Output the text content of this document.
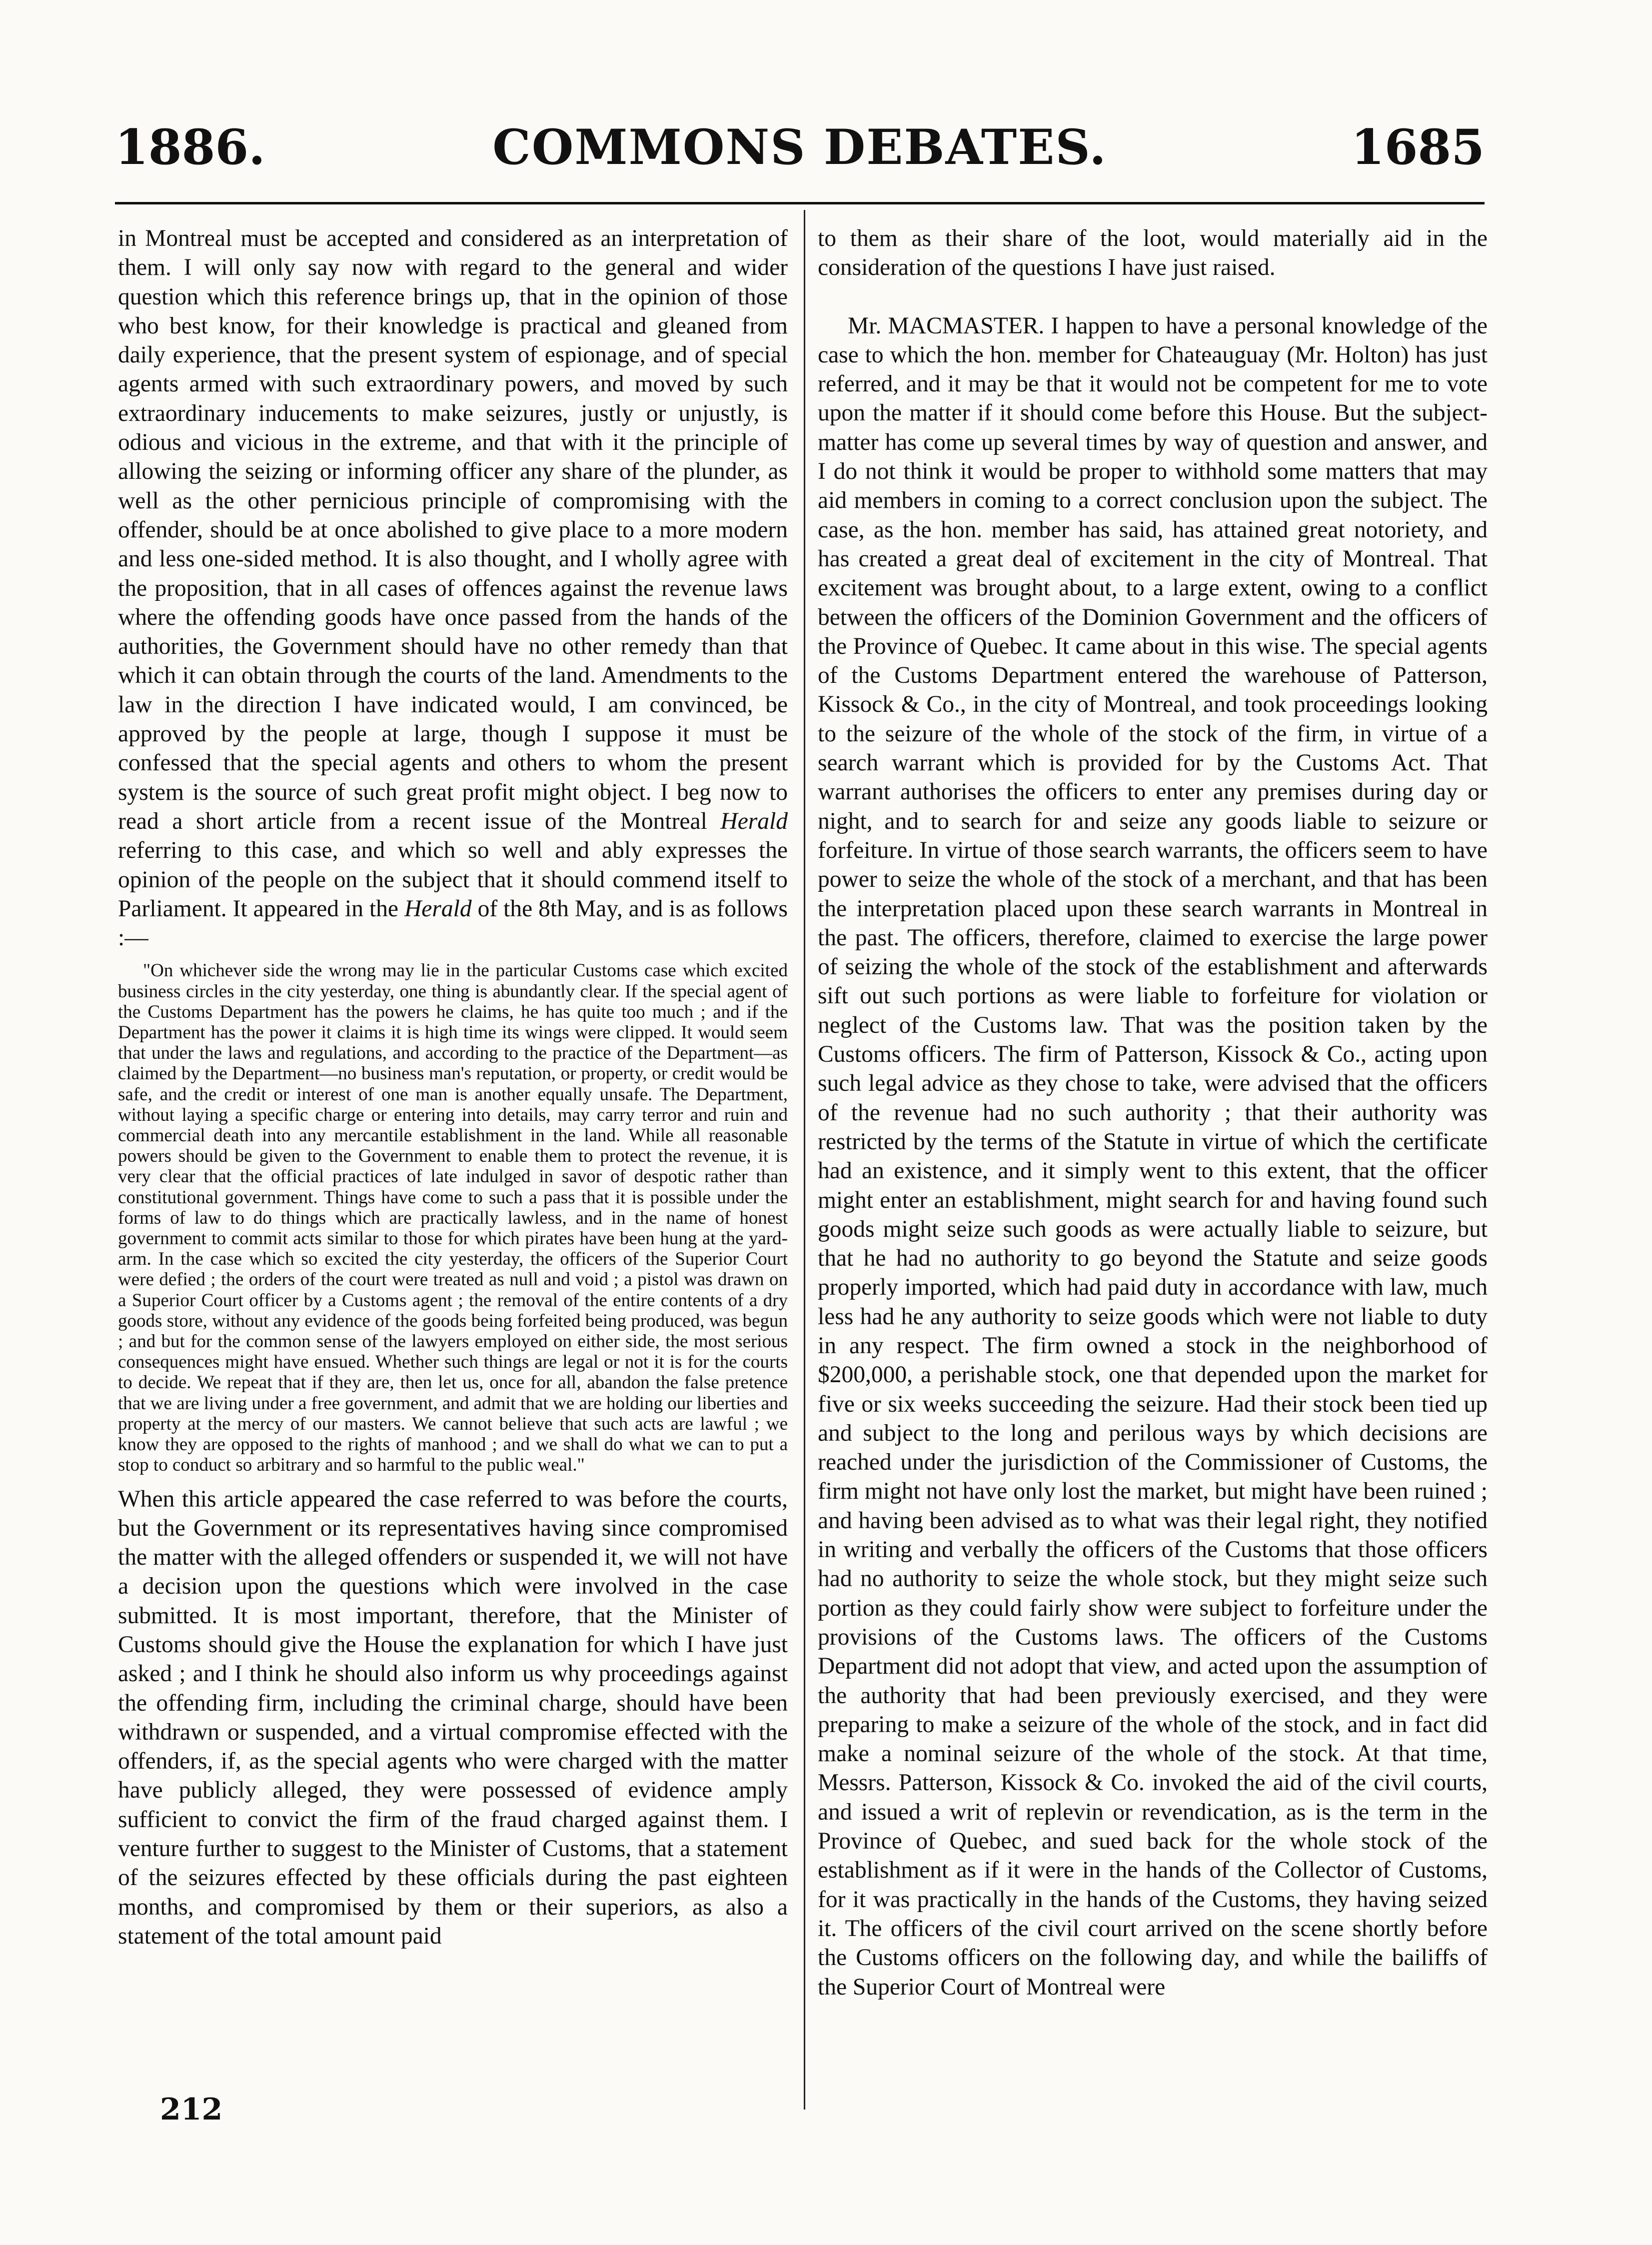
1886.	COMMONS DEBATES.	1685

in Montreal must be accepted and considered as an interpretation of them. I will only say now with regard to the general and wider question which this reference brings up, that in the opinion of those who best know, for their knowledge is practical and gleaned from daily experience, that the present system of espionage, and of special agents armed with such extraordinary powers, and moved by such extraordinary inducements to make seizures, justly or unjustly, is odious and vicious in the extreme, and that with it the principle of allowing the seizing or informing officer any share of the plunder, as well as the other pernicious principle of compromising with the offender, should be at once abolished to give place to a more modern and less one-sided method. It is also thought, and I wholly agree with the proposition, that in all cases of offences against the revenue laws where the offending goods have once passed from the hands of the authorities, the Government should have no other remedy than that which it can obtain through the courts of the land. Amendments to the law in the direction I have indicated would, I am convinced, be approved by the people at large, though I suppose it must be confessed that the special agents and others to whom the present system is the source of such great profit might object. I beg now to read a short article from a recent issue of the Montreal Herald referring to this case, and which so well and ably expresses the opinion of the people on the subject that it should commend itself to Parliament. It appeared in the Herald of the 8th May, and is as follows :—

"On whichever side the wrong may lie in the particular Customs case which excited business circles in the city yesterday, one thing is abundantly clear. If the special agent of the Customs Department has the powers he claims, he has quite too much ; and if the Department has the power it claims it is high time its wings were clipped. It would seem that under the laws and regulations, and according to the practice of the Department—as claimed by the Department—no business man's reputation, or property, or credit would be safe, and the credit or interest of one man is another equally unsafe. The Department, without laying a specific charge or entering into details, may carry terror and ruin and commercial death into any mercantile establishment in the land. While all reasonable powers should be given to the Government to enable them to protect the revenue, it is very clear that the official practices of late indulged in savor of despotic rather than constitutional government. Things have come to such a pass that it is possible under the forms of law to do things which are practically lawless, and in the name of honest government to commit acts similar to those for which pirates have been hung at the yard-arm. In the case which so excited the city yesterday, the officers of the Superior Court were defied ; the orders of the court were treated as null and void ; a pistol was drawn on a Superior Court officer by a Customs agent ; the removal of the entire contents of a dry goods store, without any evidence of the goods being forfeited being produced, was begun ; and but for the common sense of the lawyers employed on either side, the most serious consequences might have ensued. Whether such things are legal or not it is for the courts to decide. We repeat that if they are, then let us, once for all, abandon the false pretence that we are living under a free government, and admit that we are holding our liberties and property at the mercy of our masters. We cannot believe that such acts are lawful ; we know they are opposed to the rights of manhood ; and we shall do what we can to put a stop to conduct so arbitrary and so harmful to the public weal."

When this article appeared the case referred to was before the courts, but the Government or its representatives having since compromised the matter with the alleged offenders or suspended it, we will not have a decision upon the questions which were involved in the case submitted. It is most important, therefore, that the Minister of Customs should give the House the explanation for which I have just asked ; and I think he should also inform us why proceedings against the offending firm, including the criminal charge, should have been withdrawn or suspended, and a virtual compromise effected with the offenders, if, as the special agents who were charged with the matter have publicly alleged, they were possessed of evidence amply sufficient to convict the firm of the fraud charged against them. I venture further to suggest to the Minister of Customs, that a statement of the seizures effected by these officials during the past eighteen months, and compromised by them or their superiors, as also a statement of the total amount paid

to them as their share of the loot, would materially aid in the consideration of the questions I have just raised.

Mr. MACMASTER. I happen to have a personal knowledge of the case to which the hon. member for Chateauguay (Mr. Holton) has just referred, and it may be that it would not be competent for me to vote upon the matter if it should come before this House. But the subject-matter has come up several times by way of question and answer, and I do not think it would be proper to withhold some matters that may aid members in coming to a correct conclusion upon the subject. The case, as the hon. member has said, has attained great notoriety, and has created a great deal of excitement in the city of Montreal. That excitement was brought about, to a large extent, owing to a conflict between the officers of the Dominion Government and the officers of the Province of Quebec. It came about in this wise. The special agents of the Customs Department entered the warehouse of Patterson, Kissock & Co., in the city of Montreal, and took proceedings looking to the seizure of the whole of the stock of the firm, in virtue of a search warrant which is provided for by the Customs Act. That warrant authorises the officers to enter any premises during day or night, and to search for and seize any goods liable to seizure or forfeiture. In virtue of those search warrants, the officers seem to have power to seize the whole of the stock of a merchant, and that has been the interpretation placed upon these search warrants in Montreal in the past. The officers, therefore, claimed to exercise the large power of seizing the whole of the stock of the establishment and afterwards sift out such portions as were liable to forfeiture for violation or neglect of the Customs law. That was the position taken by the Customs officers. The firm of Patterson, Kissock & Co., acting upon such legal advice as they chose to take, were advised that the officers of the revenue had no such authority ; that their authority was restricted by the terms of the Statute in virtue of which the certificate had an existence, and it simply went to this extent, that the officer might enter an establishment, might search for and having found such goods might seize such goods as were actually liable to seizure, but that he had no authority to go beyond the Statute and seize goods properly imported, which had paid duty in accordance with law, much less had he any authority to seize goods which were not liable to duty in any respect. The firm owned a stock in the neighborhood of $200,000, a perishable stock, one that depended upon the market for five or six weeks succeeding the seizure. Had their stock been tied up and subject to the long and perilous ways by which decisions are reached under the jurisdiction of the Commissioner of Customs, the firm might not have only lost the market, but might have been ruined ; and having been advised as to what was their legal right, they notified in writing and verbally the officers of the Customs that those officers had no authority to seize the whole stock, but they might seize such portion as they could fairly show were subject to forfeiture under the provisions of the Customs laws. The officers of the Customs Department did not adopt that view, and acted upon the assumption of the authority that had been previously exercised, and they were preparing to make a seizure of the whole of the stock, and in fact did make a nominal seizure of the whole of the stock. At that time, Messrs. Patterson, Kissock & Co. invoked the aid of the civil courts, and issued a writ of replevin or revendication, as is the term in the Province of Quebec, and sued back for the whole stock of the establishment as if it were in the hands of the Collector of Customs, for it was practically in the hands of the Customs, they having seized it. The officers of the civil court arrived on the scene shortly before the Customs officers on the following day, and while the bailiffs of the Superior Court of Montreal were

212
